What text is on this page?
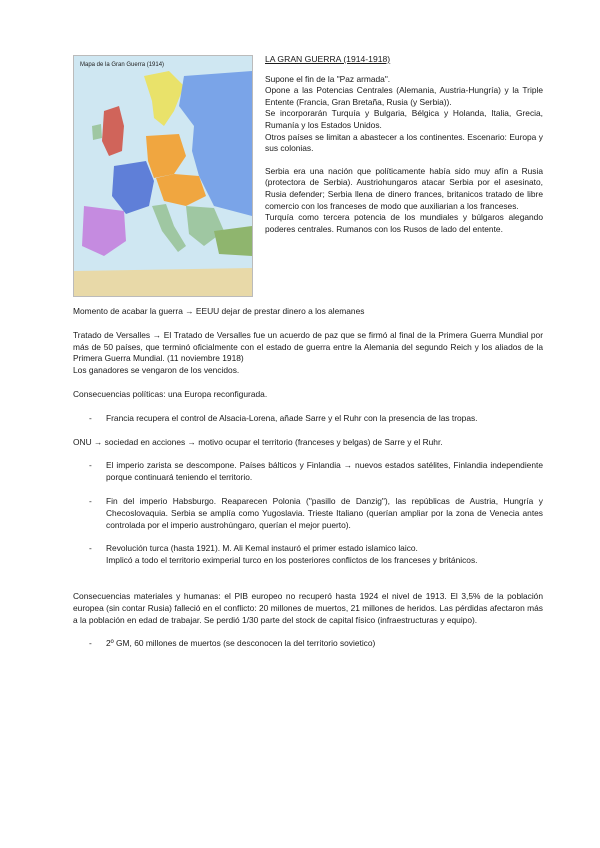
Mapa de la Gran Guerra (1914)
LA GRAN GUERRA (1914-1918)

Supone el fin de la "Paz armada".

Opone a las Potencias Centrales (Alemania, Austria-Hungría) y la Triple Entente (Francia, Gran Bretaña, Rusia (y Serbia)).

Se incorporarán Turquía y Bulgaria, Bélgica y Holanda, Italia, Grecia, Rumanía y los Estados Unidos.

Otros países se limitan a abastecer a los continentes. Escenario: Europa y sus colonias.

Serbia era una nación que políticamente había sido muy afín a Rusia (protectora de Serbia). Austriohungaros atacar Serbia por el asesinato, Rusia defender; Serbia llena de dinero frances, britanicos tratado de libre comercio con los franceses de modo que auxiliarian a los franceses.

Turquía como tercera potencia de los mundiales y búlgaros alegando poderes centrales. Rumanos con los Rusos de lado del entente.

Momento de acabar la guerra → EEUU dejar de prestar dinero a los alemanes

Tratado de Versalles → El Tratado de Versalles fue un acuerdo de paz que se firmó al final de la Primera Guerra Mundial por más de 50 países, que terminó oficialmente con el estado de guerra entre la Alemania del segundo Reich y los aliados de la Primera Guerra Mundial. (11 noviembre 1918)

Los ganadores se vengaron de los vencidos.

Consecuencias políticas: una Europa reconfigurada.

- Francia recupera el control de Alsacia-Lorena, añade Sarre y el Ruhr con la presencia de las tropas.

ONU → sociedad en acciones → motivo ocupar el territorio (franceses y belgas) de Sarre y el Ruhr.

- El imperio zarista se descompone. Países bálticos y Finlandia → nuevos estados satélites, Finlandia independiente porque continuará teniendo el territorio.
- Fin del imperio Habsburgo. Reaparecen Polonia ("pasillo de Danzig"), las repúblicas de Austria, Hungría y Checoslovaquia. Serbia se amplía como Yugoslavia. Trieste Italiano (querían ampliar por la zona de Venecia antes controlada por el imperio austrohúngaro, querían el mejor puerto).
- Revolución turca (hasta 1921). M. Ali Kemal instauró el primer estado islamico laico.
Implicó a todo el territorio eximperial turco en los posteriores conflictos de los franceses y británicos.

Consecuencias materiales y humanas: el PIB europeo no recuperó hasta 1924 el nivel de 1913. El 3,5% de la población europea (sin contar Rusia) falleció en el conflicto: 20 millones de muertos, 21 millones de heridos. Las pérdidas afectaron más a la población en edad de trabajar. Se perdió 1/30 parte del stock de capital físico (infraestructuras y equipo).

- 2º GM, 60 millones de muertos (se desconocen la del territorio sovietico)
